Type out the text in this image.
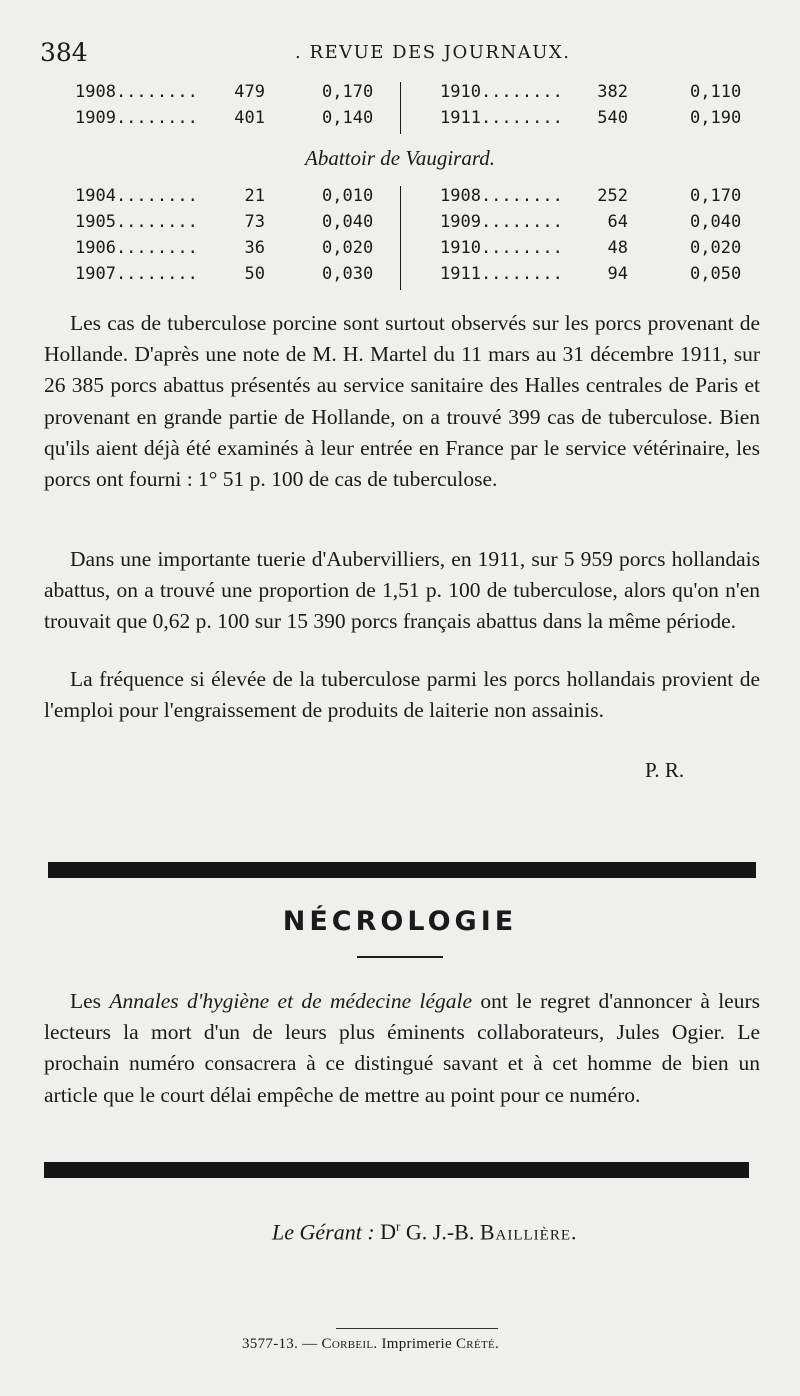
384	. REVUE DES JOURNAUX.
1908........ 479	0,170	1910........	382	0,110
1909........ 401	0,140	1911........	540	0,190
Abattoir de Vaugirard.
1904........	21	0,010	1908........	252	0,170
1905........	73	0,040	1909........	64	0,040
1906........	36	0,020	1910........	48	0,020
1907........	50	0,030	1911........	94	0,050

Les cas de tuberculose porcine sont surtout observés sur les porcs provenant de Hollande. D'après une note de M. H. Martel du 11 mars au 31 décembre 1911, sur 26 385 porcs abattus présentés au service sanitaire des Halles centrales de Paris et provenant en grande partie de Hollande, on a trouvé 399 cas de tuberculose. Bien qu'ils aient déjà été examinés à leur entrée en France par le service vétérinaire, les porcs ont fourni : 1° 51 p. 100 de cas de tuberculose.

Dans une importante tuerie d'Aubervilliers, en 1911, sur 5 959 porcs hollandais abattus, on a trouvé une proportion de 1,51 p. 100 de tuberculose, alors qu'on n'en trouvait que 0,62 p. 100 sur 15 390 porcs français abattus dans la même période.

La fréquence si élevée de la tuberculose parmi les porcs hollandais provient de l'emploi pour l'engraissement de produits de laiterie non assainis.

P. R.
NÉCROLOGIE

Les Annales d'hygiène et de médecine légale ont le regret d'annoncer à leurs lecteurs la mort d'un de leurs plus éminents collaborateurs, Jules Ogier. Le prochain numéro consacrera à ce distingué savant et à cet homme de bien un article que le court délai empêche de mettre au point pour ce numéro.

Le Gérant : $D^r$ G. J.-B. Baillière.
3577-13. — Corbeil. Imprimerie Crété.
